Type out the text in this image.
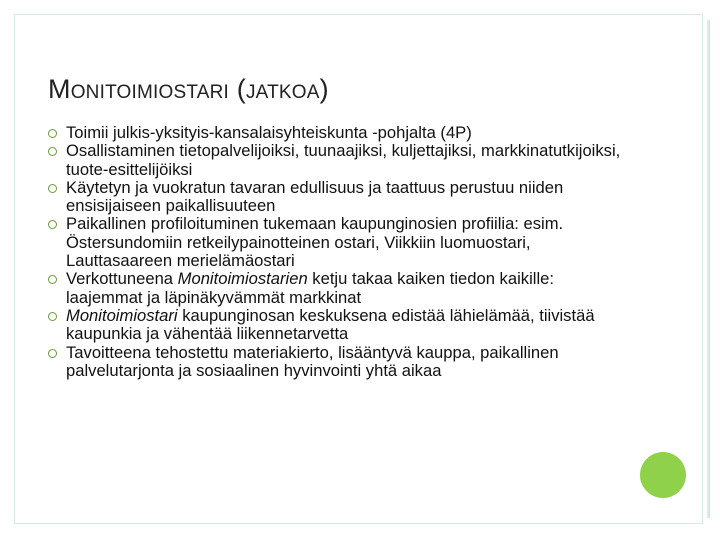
MONITOIMIOSTARI (JATKOA)
Toimii julkis-yksityis-kansalaisyhteiskunta -pohjalta (4P)
Osallistaminen tietopalvelijoiksi, tuunaajiksi, kuljettajiksi, markkinatutkijoiksi, tuote-esittelijöiksi
Käytetyn ja vuokratun tavaran edullisuus ja taattuus perustuu niiden ensisijaiseen paikallisuuteen
Paikallinen profiloituminen tukemaan kaupunginosien profiilia: esim. Östersundomiin retkeilypainotteinen ostari, Viikkiin luomuostari, Lauttasaareen merielämäostari
Verkottuneena Monitoimiostarien ketju takaa kaiken tiedon kaikille: laajemmat ja läpinäkyvämmät markkinat
Monitoimiostari kaupunginosan keskuksena edistää lähielämää, tiivistää kaupunkia ja vähentää liikennetarvetta
Tavoitteena tehostettu materiakierto, lisääntyvä kauppa, paikallinen palvelutarjonta ja sosiaalinen hyvinvointi yhtä aikaa
